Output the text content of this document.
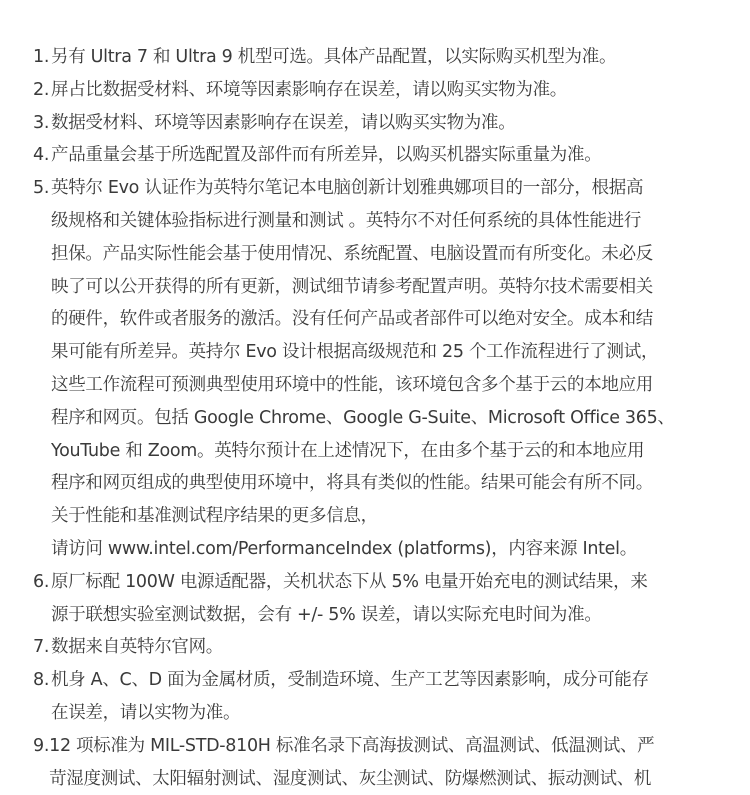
1. 另有 Ultra 7 和 Ultra 9 机型可选。具体产品配置，以实际购买机型为准。
2. 屏占比数据受材料、环境等因素影响存在误差，请以购买实物为准。
3. 数据受材料、环境等因素影响存在误差，请以购买实物为准。
4. 产品重量会基于所选配置及部件而有所差异，以购买机器实际重量为准。
5. 英特尔 Evo 认证作为英特尔笔记本电脑创新计划雅典娜项目的一部分，根据高
级规格和关键体验指标进行测量和测试 。英特尔不对任何系统的具体性能进行
担保。产品实际性能会基于使用情况、系统配置、电脑设置而有所变化。未必反
映了可以公开获得的所有更新，测试细节请参考配置声明。英特尔技术需要相关
的硬件，软件或者服务的激活。没有任何产品或者部件可以绝对安全。成本和结
果可能有所差异。英持尔 Evo 设计根据高级规范和 25 个工作流程进行了测试，
这些工作流程可预测典型使用环境中的性能，该环境包含多个基于云的本地应用
程序和网页。包括 Google Chrome、Google G-Suite、Microsoft Office 365、
YouTube 和 Zoom。英特尔预计在上述情况下，在由多个基于云的和本地应用
程序和网页组成的典型使用环境中，将具有类似的性能。结果可能会有所不同。
关于性能和基准测试程序结果的更多信息，
请访问 www.intel.com/PerformanceIndex (platforms)，内容来源 Intel。
6. 原厂标配 100W 电源适配器，关机状态下从 5% 电量开始充电的测试结果，来
源于联想实验室测试数据，会有 +/- 5% 误差，请以实际充电时间为准。
7. 数据来自英特尔官网。
8. 机身 A、C、D 面为金属材质，受制造环境、生产工艺等因素影响，成分可能存
在误差，请以实物为准。
9. 12 项标准为 MIL-STD-810H 标准名录下高海拔测试、高温测试、低温测试、严
苛湿度测试、太阳辐射测试、湿度测试、灰尘测试、防爆燃测试、振动测试、机
